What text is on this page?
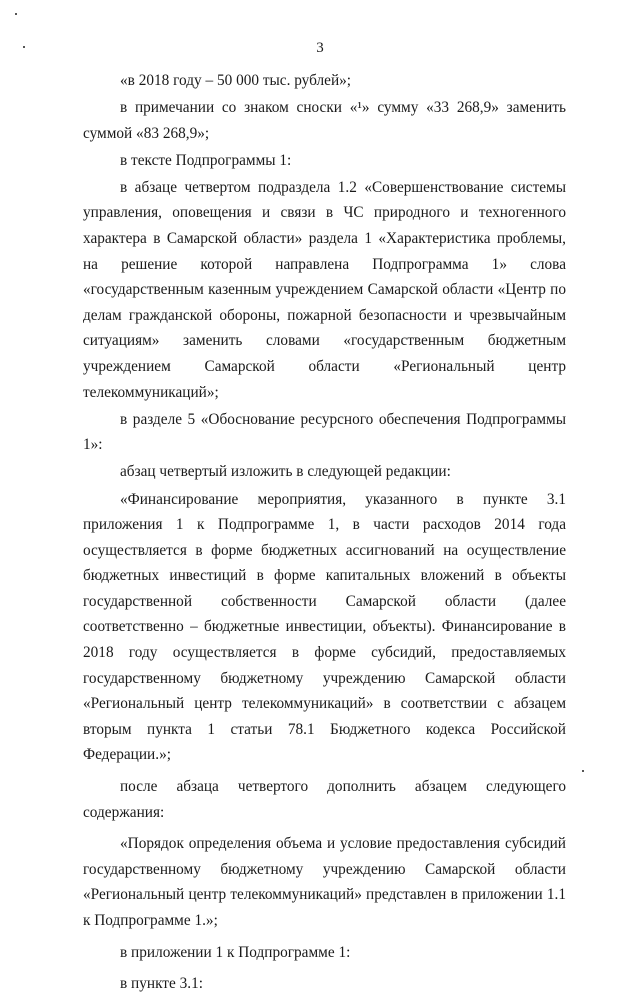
3

«в 2018 году – 50 000 тыс. рублей»;

в примечании со знаком сноски «¹» сумму «33 268,9» заменить суммой «83 268,9»;

в тексте Подпрограммы 1:

в абзаце четвертом подраздела 1.2 «Совершенствование системы управления, оповещения и связи в ЧС природного и техногенного характера в Самарской области» раздела 1 «Характеристика проблемы, на решение которой направлена Подпрограмма 1» слова «государственным казенным учреждением Самарской области «Центр по делам гражданской обороны, пожарной безопасности и чрезвычайным ситуациям» заменить словами «государственным бюджетным учреждением Самарской области «Региональный центр телекоммуникаций»;

в разделе 5 «Обоснование ресурсного обеспечения Подпрограммы 1»:

абзац четвертый изложить в следующей редакции:

«Финансирование мероприятия, указанного в пункте 3.1 приложения 1 к Подпрограмме 1, в части расходов 2014 года осуществляется в форме бюджетных ассигнований на осуществление бюджетных инвестиций в форме капитальных вложений в объекты государственной собственности Самарской области (далее соответственно – бюджетные инвестиции, объекты). Финансирование в 2018 году осуществляется в форме субсидий, предоставляемых государственному бюджетному учреждению Самарской области «Региональный центр телекоммуникаций» в соответствии с абзацем вторым пункта 1 статьи 78.1 Бюджетного кодекса Российской Федерации.»;

после абзаца четвертого дополнить абзацем следующего содержания:

«Порядок определения объема и условие предоставления субсидий государственному бюджетному учреждению Самарской области «Региональный центр телекоммуникаций» представлен в приложении 1.1 к Подпрограмме 1.»;

в приложении 1 к Подпрограмме 1:

в пункте 3.1:
